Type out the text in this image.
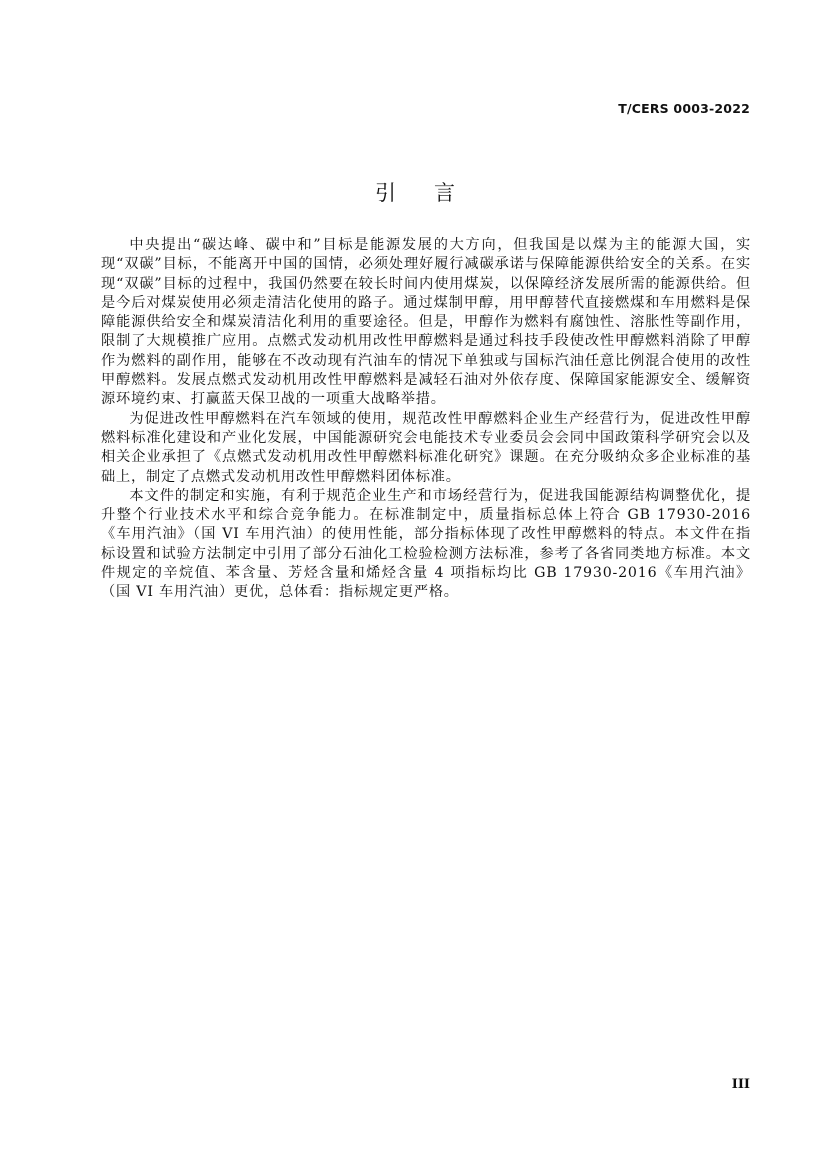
T/CERS 0003-2022
引 言

中央提出“碳达峰、碳中和”目标是能源发展的大方向，但我国是以煤为主的能源大国，实现“双碳”目标，不能离开中国的国情，必须处理好履行减碳承诺与保障能源供给安全的关系。在实现“双碳”目标的过程中，我国仍然要在较长时间内使用煤炭，以保障经济发展所需的能源供给。但是今后对煤炭使用必须走清洁化使用的路子。通过煤制甲醇，用甲醇替代直接燃煤和车用燃料是保障能源供给安全和煤炭清洁化利用的重要途径。但是，甲醇作为燃料有腐蚀性、溶胀性等副作用，限制了大规模推广应用。点燃式发动机用改性甲醇燃料是通过科技手段使改性甲醇燃料消除了甲醇作为燃料的副作用，能够在不改动现有汽油车的情况下单独或与国标汽油任意比例混合使用的改性甲醇燃料。发展点燃式发动机用改性甲醇燃料是减轻石油对外依存度、保障国家能源安全、缓解资源环境约束、打赢蓝天保卫战的一项重大战略举措。

为促进改性甲醇燃料在汽车领域的使用，规范改性甲醇燃料企业生产经营行为，促进改性甲醇燃料标准化建设和产业化发展，中国能源研究会电能技术专业委员会会同中国政策科学研究会以及相关企业承担了《点燃式发动机用改性甲醇燃料标准化研究》课题。在充分吸纳众多企业标准的基础上，制定了点燃式发动机用改性甲醇燃料团体标准。

本文件的制定和实施，有利于规范企业生产和市场经营行为，促进我国能源结构调整优化，提升整个行业技术水平和综合竞争能力。在标准制定中，质量指标总体上符合 GB 17930-2016《车用汽油》（国 VI 车用汽油）的使用性能，部分指标体现了改性甲醇燃料的特点。本文件在指标设置和试验方法制定中引用了部分石油化工检验检测方法标准，参考了各省同类地方标准。本文件规定的辛烷值、苯含量、芳烃含量和烯烃含量 4 项指标均比 GB 17930-2016《车用汽油》（国 VI 车用汽油）更优，总体看：指标规定更严格。

III
